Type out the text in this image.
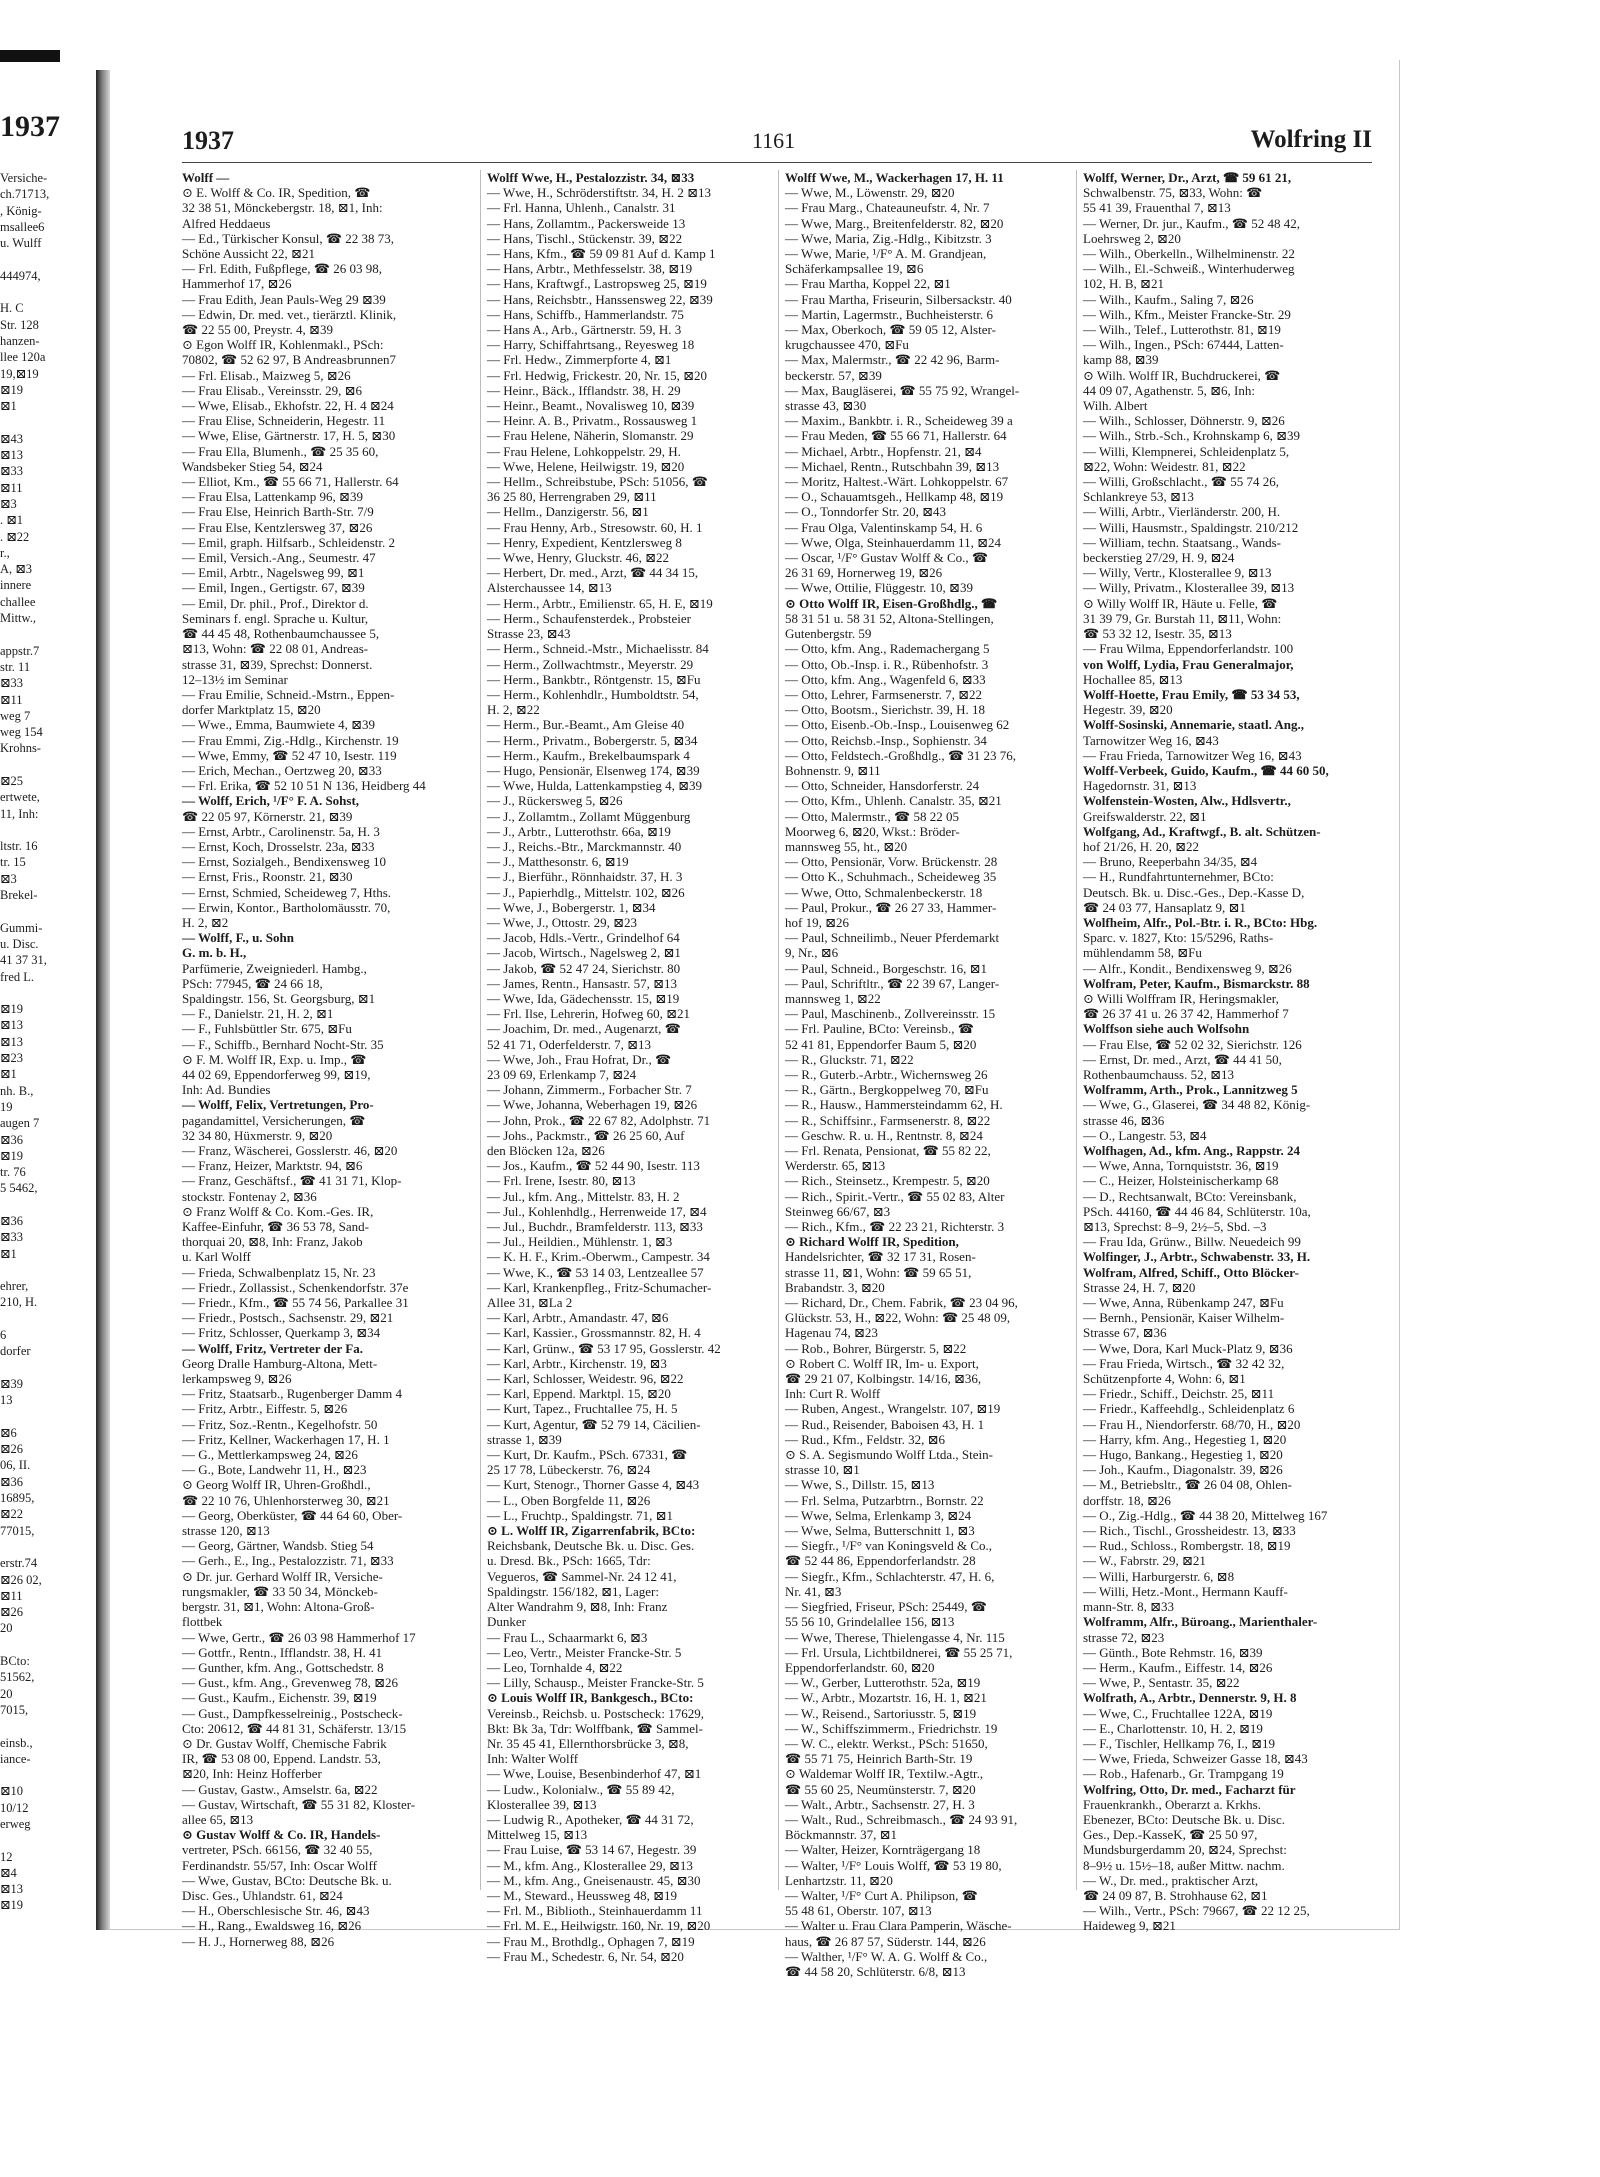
1937
Versiche-
ch.71713,
, König-
msallee6
u. Wulff

444974,

H. C
Str. 128
hanzen-
llee 120a
19,⊠19
⊠19
⊠1

⊠43
⊠13
⊠33
⊠11
⊠3
. ⊠1
. ⊠22
r.,
A, ⊠3
innere
challee
Mittw.,

appstr.7
str. 11
⊠33
⊠11
weg 7
weg 154
Krohns-

⊠25
ertwete,
11, Inh:

ltstr. 16
tr. 15
⊠3
Brekel-

Gummi-
u. Disc.
41 37 31,
fred L.

⊠19
⊠13
⊠13
⊠23
⊠1
nh. B.,
19
augen 7
⊠36
⊠19
tr. 76
5 5462,

⊠36
⊠33
⊠1

ehrer,
210, H.

6
dorfer

⊠39
13

⊠6
⊠26
06, II.
⊠36
16895,
⊠22
77015,

erstr.74
⊠26 02,
⊠11
⊠26
20

BCto:
51562,
20
7015,

einsb.,
iance-

⊠10
10/12
erweg

12
⊠4
⊠13
⊠19
1937	1161	Wolfring II
Wolff —
⊙ E. Wolff & Co. IR, Spedition, ☎
32 38 51, Mönckebergstr. 18, ⊠1, Inh:
Alfred Heddaeus
— Ed., Türkischer Konsul, ☎ 22 38 73,
Schöne Aussicht 22, ⊠21
— Frl. Edith, Fußpflege, ☎ 26 03 98,
Hammerhof 17, ⊠26
— Frau Edith, Jean Pauls-Weg 29 ⊠39
— Edwin, Dr. med. vet., tierärztl. Klinik,
☎ 22 55 00, Preystr. 4, ⊠39
⊙ Egon Wolff IR, Kohlenmakl., PSch:
70802, ☎ 52 62 97, B Andreasbrunnen7
— Frl. Elisab., Maizweg 5, ⊠26
— Frau Elisab., Vereinsstr. 29, ⊠6
— Wwe, Elisab., Ekhofstr. 22, H. 4 ⊠24
— Frau Elise, Schneiderin, Hegestr. 11
— Wwe, Elise, Gärtnerstr. 17, H. 5, ⊠30
— Frau Ella, Blumenh., ☎ 25 35 60,
Wandsbeker Stieg 54, ⊠24
— Elliot, Km., ☎ 55 66 71, Hallerstr. 64
— Frau Elsa, Lattenkamp 96, ⊠39
— Frau Else, Heinrich Barth-Str. 7/9
— Frau Else, Kentzlersweg 37, ⊠26
— Emil, graph. Hilfsarb., Schleidenstr. 2
— Emil, Versich.-Ang., Seumestr. 47
— Emil, Arbtr., Nagelsweg 99, ⊠1
— Emil, Ingen., Gertigstr. 67, ⊠39
— Emil, Dr. phil., Prof., Direktor d.
Seminars f. engl. Sprache u. Kultur,
☎ 44 45 48, Rothenbaumchaussee 5,
⊠13, Wohn: ☎ 22 08 01, Andreas-
strasse 31, ⊠39, Sprechst: Donnerst.
12–13½ im Seminar
— Frau Emilie, Schneid.-Mstrn., Eppen-
dorfer Marktplatz 15, ⊠20
— Wwe., Emma, Baumwiete 4, ⊠39
— Frau Emmi, Zig.-Hdlg., Kirchenstr. 19
— Wwe, Emmy, ☎ 52 47 10, Isestr. 119
— Erich, Mechan., Oertzweg 20, ⊠33
— Frl. Erika, ☎ 52 10 51 N 136, Heidberg 44
— Wolff, Erich, ¹/F° F. A. Sohst,
☎ 22 05 97, Körnerstr. 21, ⊠39
— Ernst, Arbtr., Carolinenstr. 5a, H. 3
— Ernst, Koch, Drosselstr. 23a, ⊠33
— Ernst, Sozialgeh., Bendixensweg 10
— Ernst, Fris., Roonstr. 21, ⊠30
— Ernst, Schmied, Scheideweg 7, Hths.
— Erwin, Kontor., Bartholomäusstr. 70,
H. 2, ⊠2
— Wolff, F., u. Sohn
G. m. b. H.,
Parfümerie, Zweigniederl. Hambg.,
PSch: 77945, ☎ 24 66 18,
Spaldingstr. 156, St. Georgsburg, ⊠1
— F., Danielstr. 21, H. 2, ⊠1
— F., Fuhlsbüttler Str. 675, ⊠Fu
— F., Schiffb., Bernhard Nocht-Str. 35
⊙ F. M. Wolff IR, Exp. u. Imp., ☎
44 02 69, Eppendorferweg 99, ⊠19,
Inh: Ad. Bundies
— Wolff, Felix, Vertretungen, Pro-
pagandamittel, Versicherungen, ☎
32 34 80, Hüxmerstr. 9, ⊠20
— Franz, Wäscherei, Gosslerstr. 46, ⊠20
— Franz, Heizer, Marktstr. 94, ⊠6
— Franz, Geschäftsf., ☎ 41 31 71, Klop-
stockstr. Fontenay 2, ⊠36
⊙ Franz Wolff & Co. Kom.-Ges. IR,
Kaffee-Einfuhr, ☎ 36 53 78, Sand-
thorquai 20, ⊠8, Inh: Franz, Jakob
u. Karl Wolff
— Frieda, Schwalbenplatz 15, Nr. 23
— Friedr., Zollassist., Schenkendorfstr. 37e
— Friedr., Kfm., ☎ 55 74 56, Parkallee 31
— Friedr., Postsch., Sachsenstr. 29, ⊠21
— Fritz, Schlosser, Querkamp 3, ⊠34
— Wolff, Fritz, Vertreter der Fa.
Georg Dralle Hamburg-Altona, Mett-
lerkampsweg 9, ⊠26
— Fritz, Staatsarb., Rugenberger Damm 4
— Fritz, Arbtr., Eiffestr. 5, ⊠26
— Fritz, Soz.-Rentn., Kegelhofstr. 50
— Fritz, Kellner, Wackerhagen 17, H. 1
— G., Mettlerkampsweg 24, ⊠26
— G., Bote, Landwehr 11, H., ⊠23
⊙ Georg Wolff IR, Uhren-Großhdl.,
☎ 22 10 76, Uhlenhorsterweg 30, ⊠21
— Georg, Oberküster, ☎ 44 64 60, Ober-
strasse 120, ⊠13
— Georg, Gärtner, Wandsb. Stieg 54
— Gerh., E., Ing., Pestalozzistr. 71, ⊠33
⊙ Dr. jur. Gerhard Wolff IR, Versiche-
rungsmakler, ☎ 33 50 34, Mönckeb-
bergstr. 31, ⊠1, Wohn: Altona-Groß-
flottbek
— Wwe, Gertr., ☎ 26 03 98 Hammerhof 17
— Gottfr., Rentn., Ifflandstr. 38, H. 41
— Gunther, kfm. Ang., Gottschedstr. 8
— Gust., kfm. Ang., Grevenweg 78, ⊠26
— Gust., Kaufm., Eichenstr. 39, ⊠19
— Gust., Dampfkesselreinig., Postscheck-
Cto: 20612, ☎ 44 81 31, Schäferstr. 13/15
⊙ Dr. Gustav Wolff, Chemische Fabrik
IR, ☎ 53 08 00, Eppend. Landstr. 53,
⊠20, Inh: Heinz Hofferber
— Gustav, Gastw., Amselstr. 6a, ⊠22
— Gustav, Wirtschaft, ☎ 55 31 82, Kloster-
allee 65, ⊠13
⊙ Gustav Wolff & Co. IR, Handels-
vertreter, PSch. 66156, ☎ 32 40 55,
Ferdinandstr. 55/57, Inh: Oscar Wolff
— Wwe, Gustav, BCto: Deutsche Bk. u.
Disc. Ges., Uhlandstr. 61, ⊠24
— H., Oberschlesische Str. 46, ⊠43
— H., Rang., Ewaldsweg 16, ⊠26
— H. J., Hornerweg 88, ⊠26
Wolff Wwe, H., Pestalozzistr. 34, ⊠33
— Wwe, H., Schröderstiftstr. 34, H. 2 ⊠13
— Frl. Hanna, Uhlenh., Canalstr. 31
— Hans, Zollamtm., Packersweide 13
— Hans, Tischl., Stückenstr. 39, ⊠22
— Hans, Kfm., ☎ 59 09 81 Auf d. Kamp 1
— Hans, Arbtr., Methfesselstr. 38, ⊠19
— Hans, Kraftwgf., Lastropsweg 25, ⊠19
— Hans, Reichsbtr., Hanssensweg 22, ⊠39
— Hans, Schiffb., Hammerlandstr. 75
— Hans A., Arb., Gärtnerstr. 59, H. 3
— Harry, Schiffahrtsang., Reyesweg 18
— Frl. Hedw., Zimmerpforte 4, ⊠1
— Frl. Hedwig, Frickestr. 20, Nr. 15, ⊠20
— Heinr., Bäck., Ifflandstr. 38, H. 29
— Heinr., Beamt., Novalisweg 10, ⊠39
— Heinr. A. B., Privatm., Rossausweg 1
— Frau Helene, Näherin, Slomanstr. 29
— Frau Helene, Lohkoppelstr. 29, H.
— Wwe, Helene, Heilwigstr. 19, ⊠20
— Hellm., Schreibstube, PSch: 51056, ☎
36 25 80, Herrengraben 29, ⊠11
— Hellm., Danzigerstr. 56, ⊠1
— Frau Henny, Arb., Stresowstr. 60, H. 1
— Henry, Expedient, Kentzlersweg 8
— Wwe, Henry, Gluckstr. 46, ⊠22
— Herbert, Dr. med., Arzt, ☎ 44 34 15,
Alsterchaussee 14, ⊠13
— Herm., Arbtr., Emilienstr. 65, H. E, ⊠19
— Herm., Schaufensterdek., Probsteier
Strasse 23, ⊠43
— Herm., Schneid.-Mstr., Michaelisstr. 84
— Herm., Zollwachtmstr., Meyerstr. 29
— Herm., Bankbtr., Röntgenstr. 15, ⊠Fu
— Herm., Kohlenhdlr., Humboldtstr. 54,
H. 2, ⊠22
— Herm., Bur.-Beamt., Am Gleise 40
— Herm., Privatm., Bobergerstr. 5, ⊠34
— Herm., Kaufm., Brekelbaumspark 4
— Hugo, Pensionär, Elsenweg 174, ⊠39
— Wwe, Hulda, Lattenkampstieg 4, ⊠39
— J., Rückersweg 5, ⊠26
— J., Zollamtm., Zollamt Müggenburg
— J., Arbtr., Lutterothstr. 66a, ⊠19
— J., Reichs.-Btr., Marckmannstr. 40
— J., Matthesonstr. 6, ⊠19
— J., Bierführ., Rönnhaidstr. 37, H. 3
— J., Papierhdlg., Mittelstr. 102, ⊠26
— Wwe, J., Bobergerstr. 1, ⊠34
— Wwe, J., Ottostr. 29, ⊠23
— Jacob, Hdls.-Vertr., Grindelhof 64
— Jacob, Wirtsch., Nagelsweg 2, ⊠1
— Jakob, ☎ 52 47 24, Sierichstr. 80
— James, Rentn., Hansastr. 57, ⊠13
— Wwe, Ida, Gädechensstr. 15, ⊠19
— Frl. Ilse, Lehrerin, Hofweg 60, ⊠21
— Joachim, Dr. med., Augenarzt, ☎
52 41 71, Oderfelderstr. 7, ⊠13
— Wwe, Joh., Frau Hofrat, Dr., ☎
23 09 69, Erlenkamp 7, ⊠24
— Johann, Zimmerm., Forbacher Str. 7
— Wwe, Johanna, Weberhagen 19, ⊠26
— John, Prok., ☎ 22 67 82, Adolphstr. 71
— Johs., Packmstr., ☎ 26 25 60, Auf
den Blöcken 12a, ⊠26
— Jos., Kaufm., ☎ 52 44 90, Isestr. 113
— Frl. Irene, Isestr. 80, ⊠13
— Jul., kfm. Ang., Mittelstr. 83, H. 2
— Jul., Kohlenhdlg., Herrenweide 17, ⊠4
— Jul., Buchdr., Bramfelderstr. 113, ⊠33
— Jul., Heildien., Mühlenstr. 1, ⊠3
— K. H. F., Krim.-Oberwm., Campestr. 34
— Wwe, K., ☎ 53 14 03, Lentzeallee 57
— Karl, Krankenpfleg., Fritz-Schumacher-
Allee 31, ⊠La 2
— Karl, Arbtr., Amandastr. 47, ⊠6
— Karl, Kassier., Grossmannstr. 82, H. 4
— Karl, Grünw., ☎ 53 17 95, Gosslerstr. 42
— Karl, Arbtr., Kirchenstr. 19, ⊠3
— Karl, Schlosser, Weidestr. 96, ⊠22
— Karl, Eppend. Marktpl. 15, ⊠20
— Kurt, Tapez., Fruchtallee 75, H. 5
— Kurt, Agentur, ☎ 52 79 14, Cäcilien-
strasse 1, ⊠39
— Kurt, Dr. Kaufm., PSch. 67331, ☎
25 17 78, Lübeckerstr. 76, ⊠24
— Kurt, Stenogr., Thorner Gasse 4, ⊠43
— L., Oben Borgfelde 11, ⊠26
— L., Fruchtp., Spaldingstr. 71, ⊠1
⊙ L. Wolff IR, Zigarrenfabrik, BCto:
Reichsbank, Deutsche Bk. u. Disc. Ges.
u. Dresd. Bk., PSch: 1665, Tdr:
Vegueros, ☎ Sammel-Nr. 24 12 41,
Spaldingstr. 156/182, ⊠1, Lager:
Alter Wandrahm 9, ⊠8, Inh: Franz
Dunker
— Frau L., Schaarmarkt 6, ⊠3
— Leo, Vertr., Meister Francke-Str. 5
— Leo, Tornhalde 4, ⊠22
— Lilly, Schausp., Meister Francke-Str. 5
⊙ Louis Wolff IR, Bankgesch., BCto:
Vereinsb., Reichsb. u. Postscheck: 17629,
Bkt: Bk 3a, Tdr: Wolffbank, ☎ Sammel-
Nr. 35 45 41, Ellernthorsbrücke 3, ⊠8,
Inh: Walter Wolff
— Wwe, Louise, Besenbinderhof 47, ⊠1
— Ludw., Kolonialw., ☎ 55 89 42,
Klosterallee 39, ⊠13
— Ludwig R., Apotheker, ☎ 44 31 72,
Mittelweg 15, ⊠13
— Frau Luise, ☎ 53 14 67, Hegestr. 39
— M., kfm. Ang., Klosterallee 29, ⊠13
— M., kfm. Ang., Gneisenaustr. 45, ⊠30
— M., Steward., Heussweg 48, ⊠19
— Frl. M., Biblioth., Steinhauerdamm 11
— Frl. M. E., Heilwigstr. 160, Nr. 19, ⊠20
— Frau M., Brothdlg., Ophagen 7, ⊠19
— Frau M., Schedestr. 6, Nr. 54, ⊠20
Wolff Wwe, M., Wackerhagen 17, H. 11
— Wwe, M., Löwenstr. 29, ⊠20
— Frau Marg., Chateauneufstr. 4, Nr. 7
— Wwe, Marg., Breitenfelderstr. 82, ⊠20
— Wwe, Maria, Zig.-Hdlg., Kibitzstr. 3
— Wwe, Marie, ¹/F° A. M. Grandjean,
Schäferkampsallee 19, ⊠6
— Frau Martha, Koppel 22, ⊠1
— Frau Martha, Friseurin, Silbersackstr. 40
— Martin, Lagermstr., Buchheisterstr. 6
— Max, Oberkoch, ☎ 59 05 12, Alster-
krugchaussee 470, ⊠Fu
— Max, Malermstr., ☎ 22 42 96, Barm-
beckerstr. 57, ⊠39
— Max, Baugläserei, ☎ 55 75 92, Wrangel-
strasse 43, ⊠30
— Maxim., Bankbtr. i. R., Scheideweg 39 a
— Frau Meden, ☎ 55 66 71, Hallerstr. 64
— Michael, Arbtr., Hopfenstr. 21, ⊠4
— Michael, Rentn., Rutschbahn 39, ⊠13
— Moritz, Haltest.-Wärt. Lohkoppelstr. 67
— O., Schauamtsgeh., Hellkamp 48, ⊠19
— O., Tonndorfer Str. 20, ⊠43
— Frau Olga, Valentinskamp 54, H. 6
— Wwe, Olga, Steinhauerdamm 11, ⊠24
— Oscar, ¹/F° Gustav Wolff & Co., ☎
26 31 69, Hornerweg 19, ⊠26
— Wwe, Ottilie, Flüggestr. 10, ⊠39
⊙ Otto Wolff IR, Eisen-Großhdlg., ☎
58 31 51 u. 58 31 52, Altona-Stellingen,
Gutenbergstr. 59
— Otto, kfm. Ang., Rademachergang 5
— Otto, Ob.-Insp. i. R., Rübenhofstr. 3
— Otto, kfm. Ang., Wagenfeld 6, ⊠33
— Otto, Lehrer, Farmsenerstr. 7, ⊠22
— Otto, Bootsm., Sierichstr. 39, H. 18
— Otto, Eisenb.-Ob.-Insp., Louisenweg 62
— Otto, Reichsb.-Insp., Sophienstr. 34
— Otto, Feldstech.-Großhdlg., ☎ 31 23 76,
Bohnenstr. 9, ⊠11
— Otto, Schneider, Hansdorferstr. 24
— Otto, Kfm., Uhlenh. Canalstr. 35, ⊠21
— Otto, Malermstr., ☎ 58 22 05
Moorweg 6, ⊠20, Wkst.: Bröder-
mannsweg 55, ht., ⊠20
— Otto, Pensionär, Vorw. Brückenstr. 28
— Otto K., Schuhmach., Scheideweg 35
— Wwe, Otto, Schmalenbeckerstr. 18
— Paul, Prokur., ☎ 26 27 33, Hammer-
hof 19, ⊠26
— Paul, Schneilimb., Neuer Pferdemarkt
9, Nr., ⊠6
— Paul, Schneid., Borgeschstr. 16, ⊠1
— Paul, Schriftltr., ☎ 22 39 67, Langer-
mannsweg 1, ⊠22
— Paul, Maschinenb., Zollvereinsstr. 15
— Frl. Pauline, BCto: Vereinsb., ☎
52 41 81, Eppendorfer Baum 5, ⊠20
— R., Gluckstr. 71, ⊠22
— R., Guterb.-Arbtr., Wichernsweg 26
— R., Gärtn., Bergkoppelweg 70, ⊠Fu
— R., Hausw., Hammersteindamm 62, H.
— R., Schiffsinr., Farmsenerstr. 8, ⊠22
— Geschw. R. u. H., Rentnstr. 8, ⊠24
— Frl. Renata, Pensionat, ☎ 55 82 22,
Werderstr. 65, ⊠13
— Rich., Steinsetz., Krempestr. 5, ⊠20
— Rich., Spirit.-Vertr., ☎ 55 02 83, Alter
Steinweg 66/67, ⊠3
— Rich., Kfm., ☎ 22 23 21, Richterstr. 3
⊙ Richard Wolff IR, Spedition,
Handelsrichter, ☎ 32 17 31, Rosen-
strasse 11, ⊠1, Wohn: ☎ 59 65 51,
Brabandstr. 3, ⊠20
— Richard, Dr., Chem. Fabrik, ☎ 23 04 96,
Glückstr. 53, H., ⊠22, Wohn: ☎ 25 48 09,
Hagenau 74, ⊠23
— Rob., Bohrer, Bürgerstr. 5, ⊠22
⊙ Robert C. Wolff IR, Im- u. Export,
☎ 29 21 07, Kolbingstr. 14/16, ⊠36,
Inh: Curt R. Wolff
— Ruben, Angest., Wrangelstr. 107, ⊠19
— Rud., Reisender, Baboisen 43, H. 1
— Rud., Kfm., Feldstr. 32, ⊠6
⊙ S. A. Segismundo Wolff Ltda., Stein-
strasse 10, ⊠1
— Wwe, S., Dillstr. 15, ⊠13
— Frl. Selma, Putzarbtrn., Bornstr. 22
— Wwe, Selma, Erlenkamp 3, ⊠24
— Wwe, Selma, Butterschnitt 1, ⊠3
— Siegfr., ¹/F° van Koningsveld & Co.,
☎ 52 44 86, Eppendorferlandstr. 28
— Siegfr., Kfm., Schlachterstr. 47, H. 6,
Nr. 41, ⊠3
— Siegfried, Friseur, PSch: 25449, ☎
55 56 10, Grindelallee 156, ⊠13
— Wwe, Therese, Thielengasse 4, Nr. 115
— Frl. Ursula, Lichtbildnerei, ☎ 55 25 71,
Eppendorferlandstr. 60, ⊠20
— W., Gerber, Lutterothstr. 52a, ⊠19
— W., Arbtr., Mozartstr. 16, H. 1, ⊠21
— W., Reisend., Sartoriusstr. 5, ⊠19
— W., Schiffszimmerm., Friedrichstr. 19
— W. C., elektr. Werkst., PSch: 51650,
☎ 55 71 75, Heinrich Barth-Str. 19
⊙ Waldemar Wolff IR, Textilw.-Agtr.,
☎ 55 60 25, Neumünsterstr. 7, ⊠20
— Walt., Arbtr., Sachsenstr. 27, H. 3
— Walt., Rud., Schreibmasch., ☎ 24 93 91,
Böckmannstr. 37, ⊠1
— Walter, Heizer, Kornträgergang 18
— Walter, ¹/F° Louis Wolff, ☎ 53 19 80,
Lenhartzstr. 11, ⊠20
— Walter, ¹/F° Curt A. Philipson, ☎
55 48 61, Oberstr. 107, ⊠13
— Walter u. Frau Clara Pamperin, Wäsche-
haus, ☎ 26 87 57, Süderstr. 144, ⊠26
— Walther, ¹/F° W. A. G. Wolff & Co.,
☎ 44 58 20, Schlüterstr. 6/8, ⊠13
Wolff, Werner, Dr., Arzt, ☎ 59 61 21,
Schwalbenstr. 75, ⊠33, Wohn: ☎
55 41 39, Frauenthal 7, ⊠13
— Werner, Dr. jur., Kaufm., ☎ 52 48 42,
Loehrsweg 2, ⊠20
— Wilh., Oberkelln., Wilhelminenstr. 22
— Wilh., El.-Schweiß., Winterhuderweg
102, H. B, ⊠21
— Wilh., Kaufm., Saling 7, ⊠26
— Wilh., Kfm., Meister Francke-Str. 29
— Wilh., Telef., Lutterothstr. 81, ⊠19
— Wilh., Ingen., PSch: 67444, Latten-
kamp 88, ⊠39
⊙ Wilh. Wolff IR, Buchdruckerei, ☎
44 09 07, Agathenstr. 5, ⊠6, Inh:
Wilh. Albert
— Wilh., Schlosser, Döhnerstr. 9, ⊠26
— Wilh., Strb.-Sch., Krohnskamp 6, ⊠39
— Willi, Klempnerei, Schleidenplatz 5,
⊠22, Wohn: Weidestr. 81, ⊠22
— Willi, Großschlacht., ☎ 55 74 26,
Schlankreye 53, ⊠13
— Willi, Arbtr., Vierländerstr. 200, H.
— Willi, Hausmstr., Spaldingstr. 210/212
— William, techn. Staatsang., Wands-
beckerstieg 27/29, H. 9, ⊠24
— Willy, Vertr., Klosterallee 9, ⊠13
— Willy, Privatm., Klosterallee 39, ⊠13
⊙ Willy Wolff IR, Häute u. Felle, ☎
31 39 79, Gr. Burstah 11, ⊠11, Wohn:
☎ 53 32 12, Isestr. 35, ⊠13
— Frau Wilma, Eppendorferlandstr. 100
von Wolff, Lydia, Frau Generalmajor,
Hochallee 85, ⊠13
Wolff-Hoette, Frau Emily, ☎ 53 34 53,
Hegestr. 39, ⊠20
Wolff-Sosinski, Annemarie, staatl. Ang.,
Tarnowitzer Weg 16, ⊠43
— Frau Frieda, Tarnowitzer Weg 16, ⊠43
Wolff-Verbeek, Guido, Kaufm., ☎ 44 60 50,
Hagedornstr. 31, ⊠13
Wolfenstein-Wosten, Alw., Hdlsvertr.,
Greifswalderstr. 22, ⊠1
Wolfgang, Ad., Kraftwgf., B. alt. Schützen-
hof 21/26, H. 20, ⊠22
— Bruno, Reeperbahn 34/35, ⊠4
— H., Rundfahrtunternehmer, BCto:
Deutsch. Bk. u. Disc.-Ges., Dep.-Kasse D,
☎ 24 03 77, Hansaplatz 9, ⊠1
Wolfheim, Alfr., Pol.-Btr. i. R., BCto: Hbg.
Sparc. v. 1827, Kto: 15/5296, Raths-
mühlendamm 58, ⊠Fu
— Alfr., Kondit., Bendixensweg 9, ⊠26
Wolfram, Peter, Kaufm., Bismarckstr. 88
⊙ Willi Wolffram IR, Heringsmakler,
☎ 26 37 41 u. 26 37 42, Hammerhof 7
Wolffson siehe auch Wolfsohn
— Frau Else, ☎ 52 02 32, Sierichstr. 126
— Ernst, Dr. med., Arzt, ☎ 44 41 50,
Rothenbaumchauss. 52, ⊠13
Wolframm, Arth., Prok., Lannitzweg 5
— Wwe, G., Glaserei, ☎ 34 48 82, König-
strasse 46, ⊠36
— O., Langestr. 53, ⊠4
Wolfhagen, Ad., kfm. Ang., Rappstr. 24
— Wwe, Anna, Tornquiststr. 36, ⊠19
— C., Heizer, Holsteinischerkamp 68
— D., Rechtsanwalt, BCto: Vereinsbank,
PSch. 44160, ☎ 44 46 84, Schlüterstr. 10a,
⊠13, Sprechst: 8–9, 2½–5, Sbd. –3
— Frau Ida, Grünw., Billw. Neuedeich 99
Wolfinger, J., Arbtr., Schwabenstr. 33, H.
Wolfram, Alfred, Schiff., Otto Blöcker-
Strasse 24, H. 7, ⊠20
— Wwe, Anna, Rübenkamp 247, ⊠Fu
— Bernh., Pensionär, Kaiser Wilhelm-
Strasse 67, ⊠36
— Wwe, Dora, Karl Muck-Platz 9, ⊠36
— Frau Frieda, Wirtsch., ☎ 32 42 32,
Schützenpforte 4, Wohn: 6, ⊠1
— Friedr., Schiff., Deichstr. 25, ⊠11
— Friedr., Kaffeehdlg., Schleidenplatz 6
— Frau H., Niendorferstr. 68/70, H., ⊠20
— Harry, kfm. Ang., Hegestieg 1, ⊠20
— Hugo, Bankang., Hegestieg 1, ⊠20
— Joh., Kaufm., Diagonalstr. 39, ⊠26
— M., Betriebsltr., ☎ 26 04 08, Ohlen-
dorffstr. 18, ⊠26
— O., Zig.-Hdlg., ☎ 44 38 20, Mittelweg 167
— Rich., Tischl., Grossheidestr. 13, ⊠33
— Rud., Schloss., Rombergstr. 18, ⊠19
— W., Fabrstr. 29, ⊠21
— Willi, Harburgerstr. 6, ⊠8
— Willi, Hetz.-Mont., Hermann Kauff-
mann-Str. 8, ⊠33
Wolframm, Alfr., Büroang., Marienthaler-
strasse 72, ⊠23
— Günth., Bote Rehmstr. 16, ⊠39
— Herm., Kaufm., Eiffestr. 14, ⊠26
— Wwe, P., Sentastr. 35, ⊠22
Wolfrath, A., Arbtr., Dennerstr. 9, H. 8
— Wwe, C., Fruchtallee 122A, ⊠19
— E., Charlottenstr. 10, H. 2, ⊠19
— F., Tischler, Hellkamp 76, I., ⊠19
— Wwe, Frieda, Schweizer Gasse 18, ⊠43
— Rob., Hafenarb., Gr. Trampgang 19
Wolfring, Otto, Dr. med., Facharzt für
Frauenkrankh., Oberarzt a. Krkhs.
Ebenezer, BCto: Deutsche Bk. u. Disc.
Ges., Dep.-KasseK, ☎ 25 50 97,
Mundsburgerdamm 20, ⊠24, Sprechst:
8–9½ u. 15½–18, außer Mittw. nachm.
— W., Dr. med., praktischer Arzt,
☎ 24 09 87, B. Strohhause 62, ⊠1
— Wilh., Vertr., PSch: 79667, ☎ 22 12 25,
Haideweg 9, ⊠21
